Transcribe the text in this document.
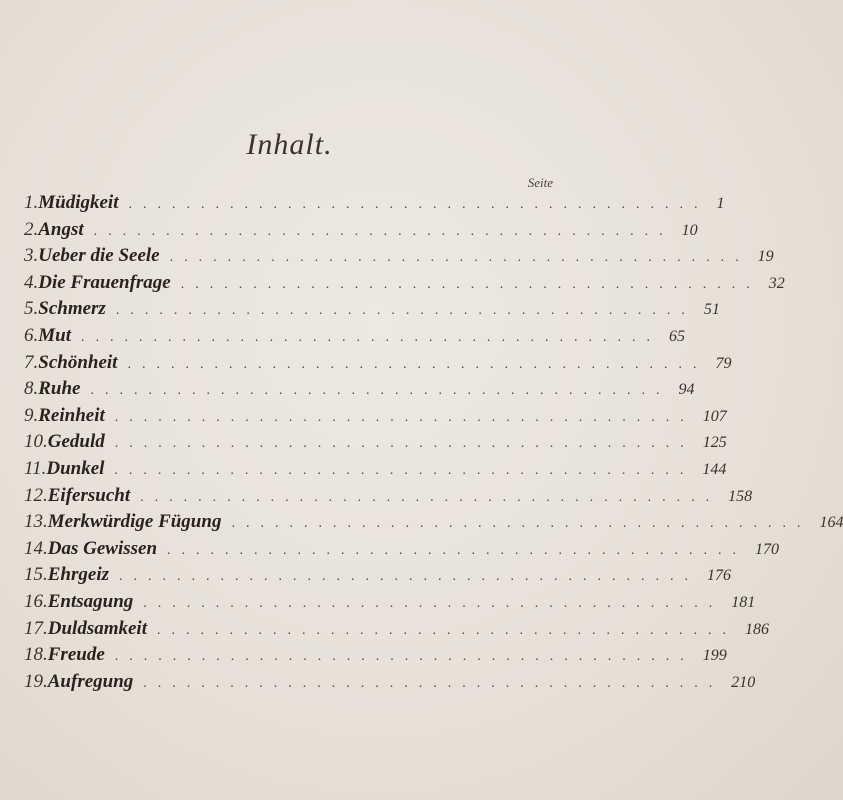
Inhalt.
Seite
1. Müdigkeit ........................................ 1
2. Angst ........................................ 10
3. Ueber die Seele ........................................ 19
4. Die Frauenfrage ........................................ 32
5. Schmerz ........................................ 51
6. Mut ........................................ 65
7. Schönheit ........................................ 79
8. Ruhe ........................................ 94
9. Reinheit ........................................ 107
10. Geduld ........................................ 125
11. Dunkel ........................................ 144
12. Eifersucht ........................................ 158
13. Merkwürdige Fügung ........................................ 164
14. Das Gewissen ........................................ 170
15. Ehrgeiz ........................................ 176
16. Entsagung ........................................ 181
17. Duldsamkeit ........................................ 186
18. Freude ........................................ 199
19. Aufregung ........................................ 210
